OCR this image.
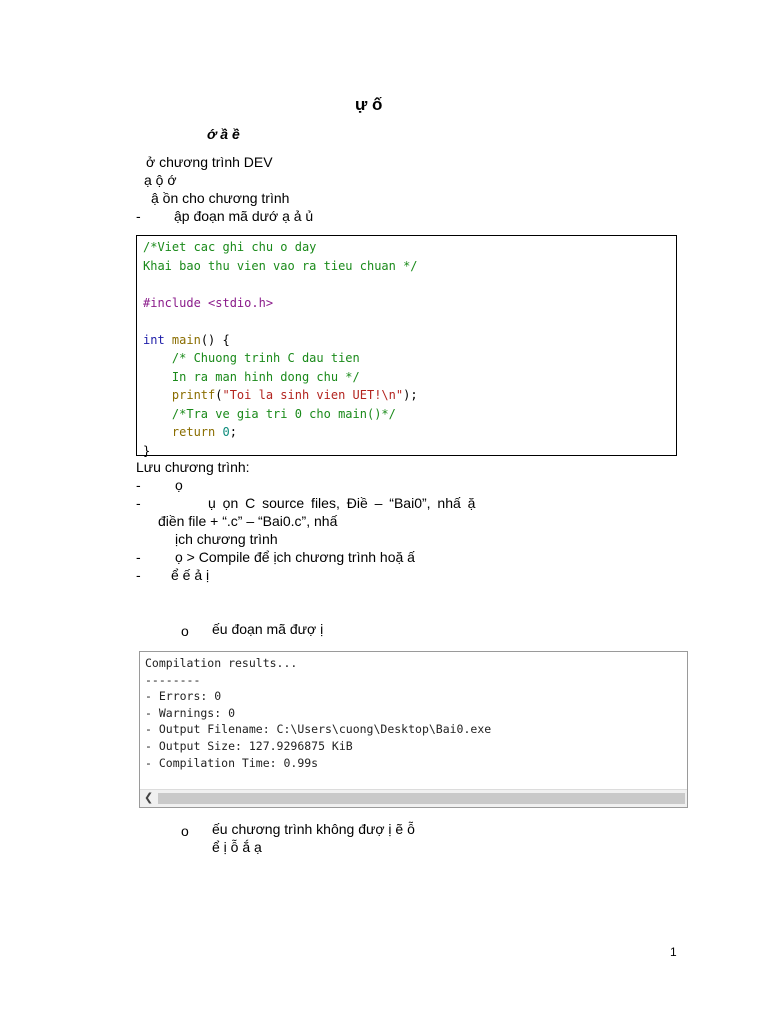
ự ố
ớ ầ ề
ở chương trình DEV
ạ ộ ớ
ậ ồn cho chương trình
- ập đoạn mã dướ ạ ả ủ
/*Viet cac ghi chu o day
Khai bao thu vien vao ra tieu chuan */
#include <stdio.h>
int main() {
/* Chuong trinh C dau tien
In ra man hinh dong chu */
printf("Toi la sinh vien UET!\n");
/*Tra ve gia tri 0 cho main()*/
return 0;
}
Lưu chương trình:
- ọ
-	ụ ọn C source files, Điề – “Bai0”, nhấ ặ
điền file + “.c” – “Bai0.c”, nhấ
ịch chương trình
- ọ > Compile để ịch chương trình hoặ ấ
- ể ế ả ị
o ếu đoạn mã đượ ị
Compilation results...
--------
- Errors: 0
- Warnings: 0
- Output Filename: C:\Users\cuong\Desktop\Bai0.exe
- Output Size: 127.9296875 KiB
- Compilation Time: 0.99s
❮
o ếu chương trình không đượ ị ẽ ỗ
ể ị ỗ ắ ạ
1
